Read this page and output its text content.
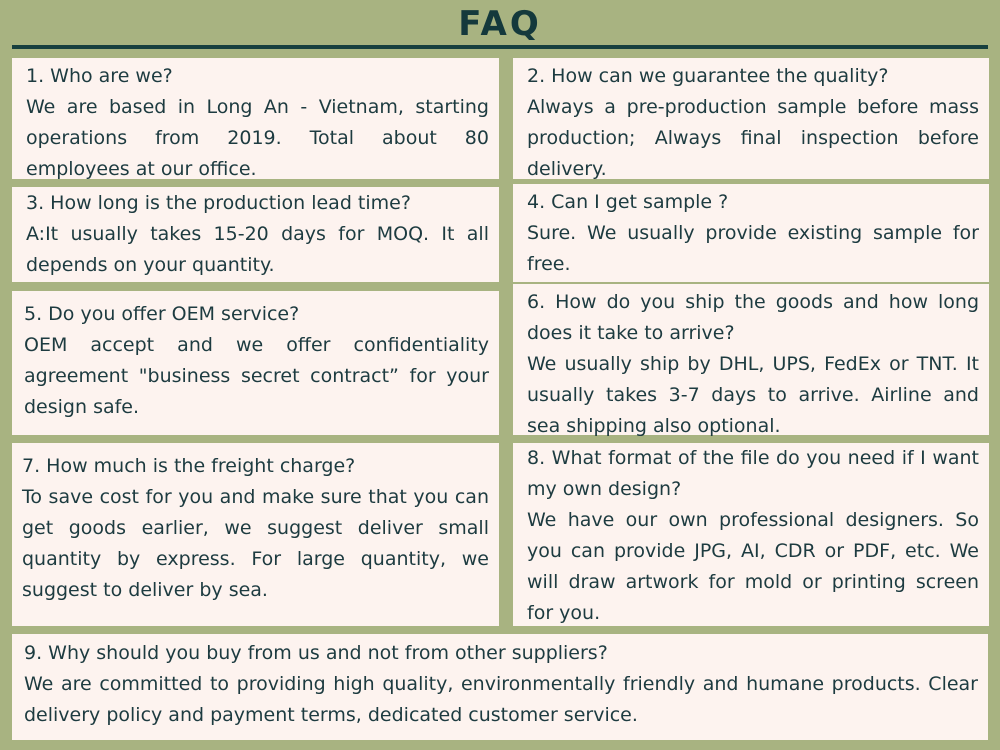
FAQ
1. Who are we?
We are based in Long An - Vietnam, starting operations from 2019. Total about 80 employees at our office.
2. How can we guarantee the quality?
Always a pre-production sample before mass production; Always final inspection before delivery.
3. How long is the production lead time?
A:It usually takes 15-20 days for MOQ. It all depends on your quantity.
4. Can I get sample ?
Sure. We usually provide existing sample for free.
5. Do you offer OEM service?
OEM accept and we offer confidentiality agreement "business secret contract” for your design safe.
6. How do you ship the goods and how long does it take to arrive?
We usually ship by DHL, UPS, FedEx or TNT. It usually takes 3-7 days to arrive. Airline and sea shipping also optional.
7. How much is the freight charge?
To save cost for you and make sure that you can get goods earlier, we suggest deliver small quantity by express. For large quantity, we suggest to deliver by sea.
8. What format of the file do you need if I want my own design?
We have our own professional designers. So you can provide JPG, AI, CDR or PDF, etc. We will draw artwork for mold or printing screen for you.
9. Why should you buy from us and not from other suppliers?
We are committed to providing high quality, environmentally friendly and humane products. Clear delivery policy and payment terms, dedicated customer service.
